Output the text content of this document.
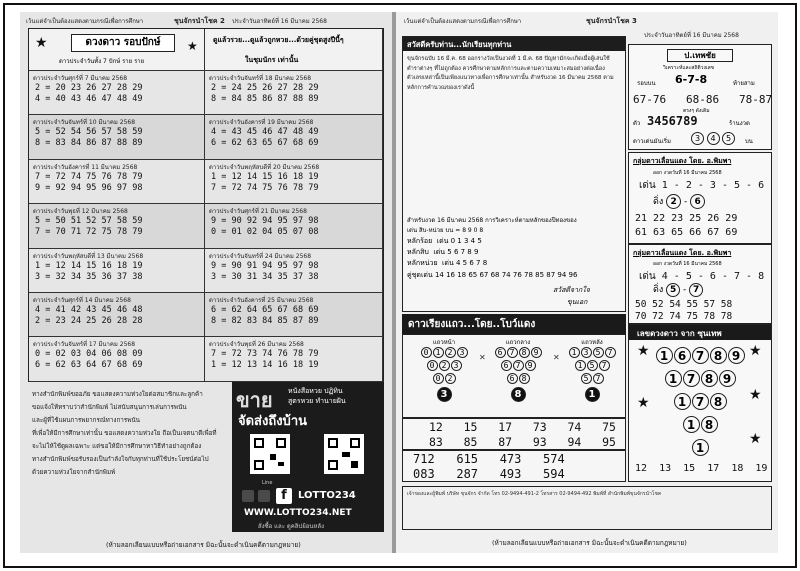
เว้นแต่จำเป็นต้องแสดงตามกรณีเพื่อการศึกษา	ชุนจักรนำโชค 2 ประจำวันอาทิตย์ที่ 16 มีนาคม 2568
★	★
ดวงดาว รอบปักษ์
ดาวประจำวันทั้ง 7 ปักษ์ ราย ราย
ดูแล้วรวย...ดูแล้วถูกหวย...ด้วยคู่ชุดสูงปีนี้ๆ
ในชุมนักร เท่านั้น
ทางสำนักพิมพ์ขออภัย ขอแสดงความห่วงใยต่อสมาชิกและลูกค้า
ขอแจ้งให้ทราบว่าสำนักพิมพ์ ไม่สนับสนุนการเล่นการพนัน
และผู้ที่ใช้แผนการพยากรณ์ทางการพนัน
ที่เพื่อให้มีการศึกษาเท่านั้น ขอแสดงความห่วงใย ถือเป็นเจตนาดีเพื่อที่
จะไม่ให้ใช้ดูผลเฉพาะ แต่ขอให้มีการศึกษาหาวิธีทำอย่างถูกต้อง
ทางสำนักพิมพ์ขอรับรองเป็นกำลังใจกับทุกท่านที่ใช้ประโยชน์ต่อไป
ด้วยความห่วงใยจากสำนักพิมพ์
ขาย หนังสือหวย ปฏิทิน
สูตรหวย ทำนายฝัน
จัดส่งถึงบ้าน
Line
f	LOTTO234
WWW.LOTTO234.NET
สั่งซื้อ และ ดูคลิปย้อนหลัง
(ห้ามลอกเลียนแบบหรือถ่ายเอกสาร มิฉะนั้นจะดำเนินคดีตามกฎหมาย)
ดาวประจำวันศุกร์ที่ 7 มีนาคม 2568
2 = 20 23 26 27 28 29
4 = 40 43 46 47 48 49
ดาวประจำวันจันทร์ที่ 18 มีนาคม 2568
2 = 24 25 26 27 28 29
8 = 84 85 86 87 88 89
ดาวประจำวันจันทร์ที่ 10 มีนาคม 2568
5 = 52 54 56 57 58 59
8 = 83 84 86 87 88 89
ดาวประจำวันอังคารที่ 19 มีนาคม 2568
4 = 43 45 46 47 48 49
6 = 62 63 65 67 68 69
ดาวประจำวันอังคารที่ 11 มีนาคม 2568
7 = 72 74 75 76 78 79
9 = 92 94 95 96 97 98
ดาวประจำวันพฤหัสบดีที่ 20 มีนาคม 2568
1 = 12 14 15 16 18 19
7 = 72 74 75 76 78 79
ดาวประจำวันพุธที่ 12 มีนาคม 2568
5 = 50 51 52 57 58 59
7 = 70 71 72 75 78 79
ดาวประจำวันศุกร์ที่ 21 มีนาคม 2568
9 = 90 92 94 95 97 98
0 = 01 02 04 05 07 08
ดาวประจำวันพฤหัสบดีที่ 13 มีนาคม 2568
1 = 12 14 15 16 18 19
3 = 32 34 35 36 37 38
ดาวประจำวันจันทร์ที่ 24 มีนาคม 2568
9 = 90 91 94 95 97 98
3 = 30 31 34 35 37 38
ดาวประจำวันศุกร์ที่ 14 มีนาคม 2568
4 = 41 42 43 45 46 48
2 = 23 24 25 26 28 28
ดาวประจำวันอังคารที่ 25 มีนาคม 2568
6 = 62 64 65 67 68 69
8 = 82 83 84 85 87 89
ดาวประจำวันจันทร์ที่ 17 มีนาคม 2568
0 = 02 03 04 06 08 09
6 = 62 63 64 67 68 69
ดาวประจำวันพุธที่ 26 มีนาคม 2568
7 = 72 73 74 76 78 79
1 = 12 13 14 16 18 19
เว้นแต่จำเป็นต้องแสดงตามกรณีเพื่อการศึกษา	ชุนจักรนำโชค 3
ประจำวันอาทิตย์ที่ 16 มีนาคม 2568
สวัสดีครับท่าน...นักเรียนทุกท่าน
ขุนจักรฉบับ 16 มี.ค. 68 ออกรางวัลเป็นงวดที่ 1 มี.ค. 68 ปัญหามักจะเกิดเมื่อผู้เล่นใช้ตำราต่างๆ ที่ไม่ถูกต้อง ควรศึกษาตามหลักการและตามความเหมาะสมอย่างต่อเนื่อง ตัวเลขเหล่านี้เป็นเพียงแนวทางเพื่อการศึกษาเท่านั้น สำหรับงวด 16 มีนาคม 2568 ตามหลักการคำนวณของเราดังนี้
สำหรับงวด 16 มีนาคม 2568 การวิเคราะห์ตามหลักของปีทองของ
เด่น สิบ-หน่วย บน = 8 9 0 8
หลักร้อย เด่น 0 1 3 4 5
หลักสิบ เด่น 5 6 7 8 9
หลักหน่วย เด่น 4 5 6 7 8
คู่ชุดเด่น 14 16 18 65 67 68 74 76 78 85 87 94 96
สวัสดีจากใจ
ขุนเอก
ป.เทพชัย
วิเคราะห์และสถิติวงเลข
รอบบน 6-7-8	ท้ายสาม
67-76   68-86   78-87
ตรงๆ ดังเดิม
ตัว 3456789	ร้านงวด
ดาวเด่นมันเริ่ม	3 4 5	บน
กลุ่มดาวเลื่อนแดง โดย. อ.พิมพา
ออก งวดวันที่ 16 มีนาคม 2568
เด่น 1 - 2 - 3 - 5 - 6
ดิ่ง 2 - 6
21 22 23 25 26 29
61 63 65 66 67 69
กลุ่มดาวเลื่อนแดง โดย. อ.พิมพา
ออก งวดวันที่ 16 มีนาคม 2568
เด่น 4 - 5 - 6 - 7 - 8
ดิ่ง 5 - 7
50 52 54 55 57 58
70 72 74 75 78 78
ดาวเรียงแถว...โดย..โบว์แดง
แถวหน้า
0 1 2 3
0 2 3
0 2
3
✕
แถวกลาง
6 7 8 9
6 7 9
6 8
8
✕
แถวหลัง
1 3 5 7
1 5 7
5 7
1
12   15   17   73   74   75
83   85   87   93   94   95
712   615   473   574
083   287   493   594
เลขดวงดาว จาก ซุนเทพ
★	★
★	★
★
1 6 7 8 9
1 7 8 9
1 7 8
1 8
1
12  13  15  17  18  19
เจ้าของและผู้พิมพ์ บริษัท ขุนจักร จำกัด โทร 02-9494-491-2 โทรสาร 02-9494-492 พิมพ์ที่ สำนักพิมพ์ขุนจักรนำโชค
(ห้ามลอกเลียนแบบหรือถ่ายเอกสาร มิฉะนั้นจะดำเนินคดีตามกฎหมาย)
